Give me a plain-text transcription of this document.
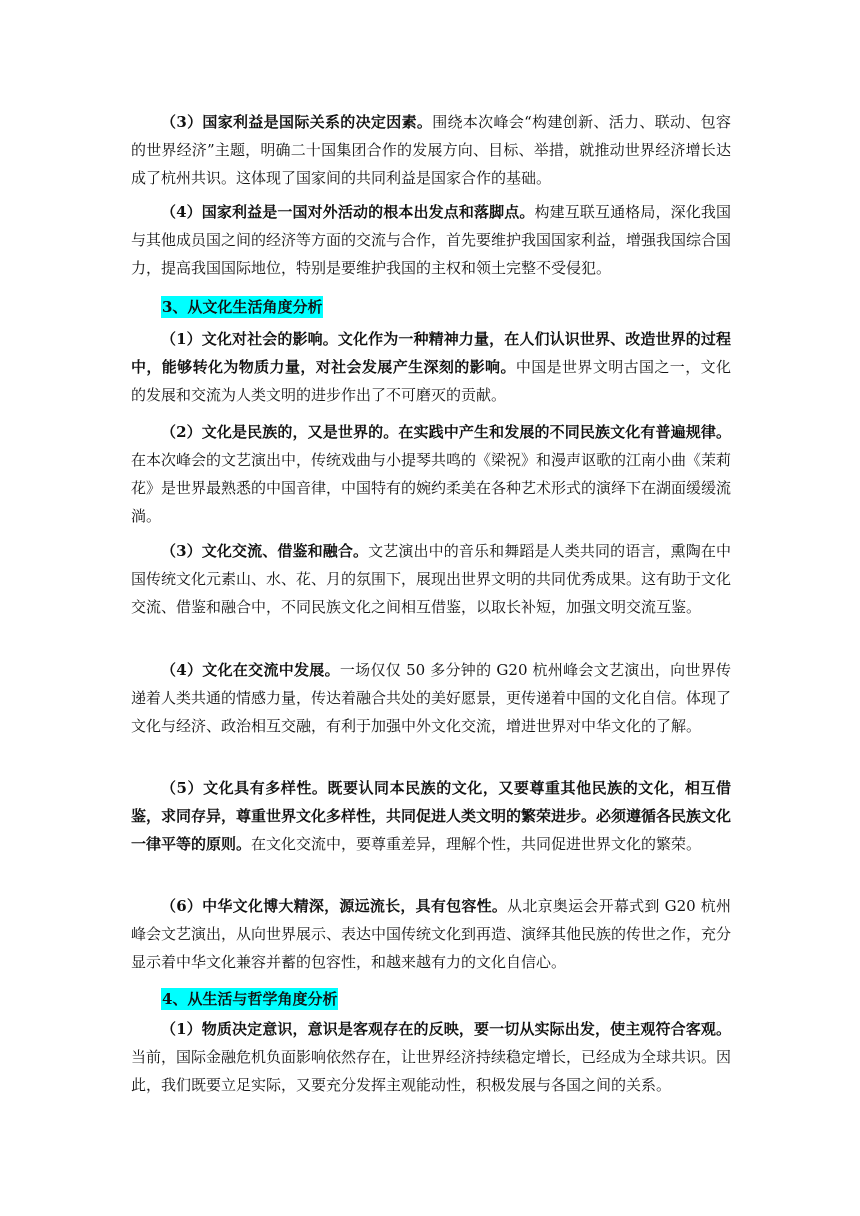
（3）国家利益是国际关系的决定因素。围绕本次峰会“构建创新、活力、联动、包容的世界经济”主题，明确二十国集团合作的发展方向、目标、举措，就推动世界经济增长达成了杭州共识。这体现了国家间的共同利益是国家合作的基础。

（4）国家利益是一国对外活动的根本出发点和落脚点。构建互联互通格局，深化我国与其他成员国之间的经济等方面的交流与合作，首先要维护我国国家利益，增强我国综合国力，提高我国国际地位，特别是要维护我国的主权和领土完整不受侵犯。

3、从文化生活角度分析

（1）文化对社会的影响。文化作为一种精神力量，在人们认识世界、改造世界的过程中，能够转化为物质力量，对社会发展产生深刻的影响。中国是世界文明古国之一，文化的发展和交流为人类文明的进步作出了不可磨灭的贡献。

（2）文化是民族的，又是世界的。在实践中产生和发展的不同民族文化有普遍规律。在本次峰会的文艺演出中，传统戏曲与小提琴共鸣的《梁祝》和漫声讴歌的江南小曲《茉莉花》是世界最熟悉的中国音律，中国特有的婉约柔美在各种艺术形式的演绎下在湖面缓缓流淌。

（3）文化交流、借鉴和融合。文艺演出中的音乐和舞蹈是人类共同的语言，熏陶在中国传统文化元素山、水、花、月的氛围下，展现出世界文明的共同优秀成果。这有助于文化交流、借鉴和融合中，不同民族文化之间相互借鉴，以取长补短，加强文明交流互鉴。

（4）文化在交流中发展。一场仅仅 50 多分钟的 G20 杭州峰会文艺演出，向世界传递着人类共通的情感力量，传达着融合共处的美好愿景，更传递着中国的文化自信。体现了文化与经济、政治相互交融，有利于加强中外文化交流，增进世界对中华文化的了解。

（5）文化具有多样性。既要认同本民族的文化，又要尊重其他民族的文化，相互借鉴，求同存异，尊重世界文化多样性，共同促进人类文明的繁荣进步。必须遵循各民族文化一律平等的原则。在文化交流中，要尊重差异，理解个性，共同促进世界文化的繁荣。

（6）中华文化博大精深，源远流长，具有包容性。从北京奥运会开幕式到 G20 杭州峰会文艺演出，从向世界展示、表达中国传统文化到再造、演绎其他民族的传世之作，充分显示着中华文化兼容并蓄的包容性，和越来越有力的文化自信心。

4、从生活与哲学角度分析

（1）物质决定意识，意识是客观存在的反映，要一切从实际出发，使主观符合客观。当前，国际金融危机负面影响依然存在，让世界经济持续稳定增长，已经成为全球共识。因此，我们既要立足实际，又要充分发挥主观能动性，积极发展与各国之间的关系。
